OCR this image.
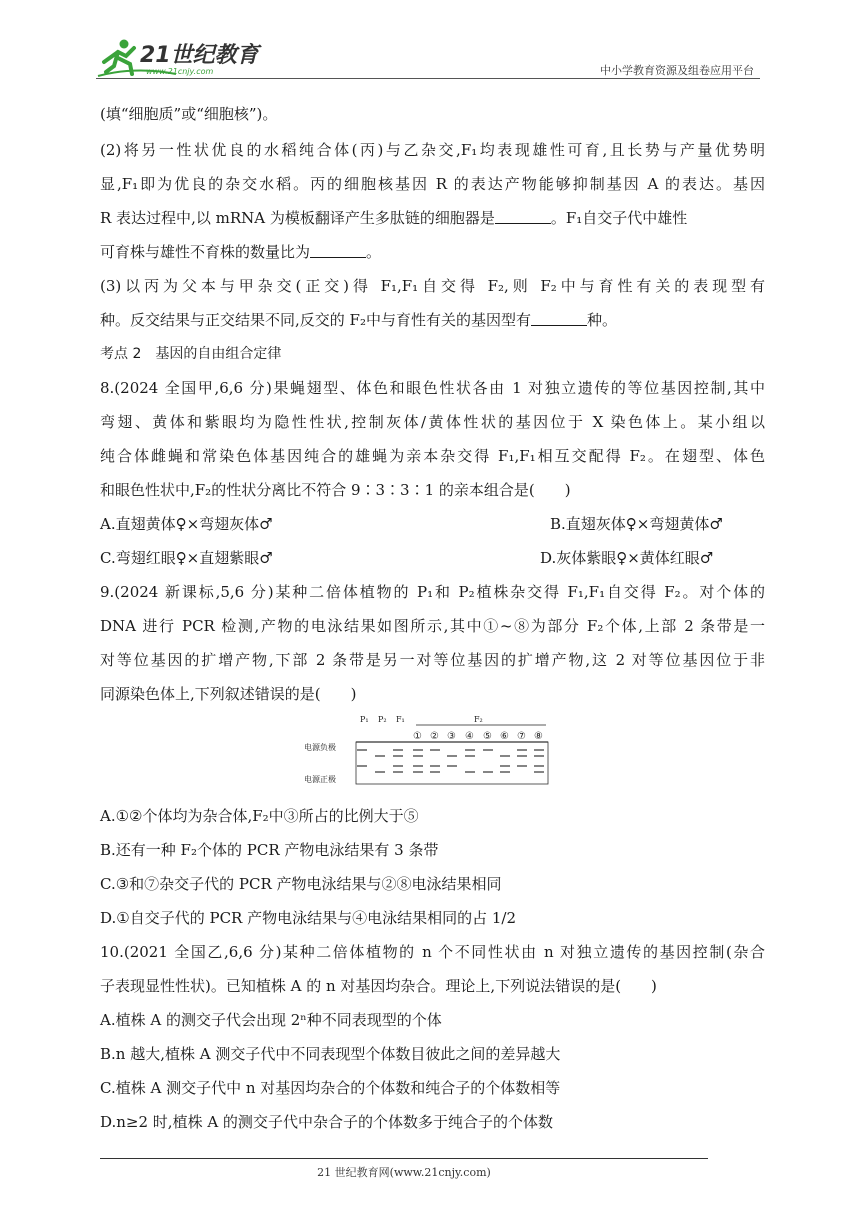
21世纪教育
www.21cnjy.com	中小学教育资源及组卷应用平台
(填“细胞质”或“细胞核”)。
(2)将另一性状优良的水稻纯合体(丙)与乙杂交,F₁均表现雄性可育,且长势与产量优势明
显,F₁即为优良的杂交水稻。丙的细胞核基因 R 的表达产物能够抑制基因 A 的表达。基因
R 表达过程中,以 mRNA 为模板翻译产生多肽链的细胞器是	。F₁自交子代中雄性
可育株与雄性不育株的数量比为	。
(3)以丙为父本与甲杂交(正交)得 F₁,F₁自交得 F₂,则 F₂中与育性有关的表现型有
种。反交结果与正交结果不同,反交的 F₂中与育性有关的基因型有	种。
考点 2　基因的自由组合定律
8.(2024 全国甲,6,6 分)果蝇翅型、体色和眼色性状各由 1 对独立遗传的等位基因控制,其中
弯翅、黄体和紫眼均为隐性性状,控制灰体/黄体性状的基因位于 X 染色体上。某小组以
纯合体雌蝇和常染色体基因纯合的雄蝇为亲本杂交得 F₁,F₁相互交配得 F₂。在翅型、体色
和眼色性状中,F₂的性状分离比不符合 9∶3∶3∶1 的亲本组合是(　　)
A.直翅黄体♀×弯翅灰体♂	B.直翅灰体♀×弯翅黄体♂
C.弯翅红眼♀×直翅紫眼♂	D.灰体紫眼♀×黄体红眼♂
9.(2024 新课标,5,6 分)某种二倍体植物的 P₁和 P₂植株杂交得 F₁,F₁自交得 F₂。对个体的
DNA 进行 PCR 检测,产物的电泳结果如图所示,其中①~⑧为部分 F₂个体,上部 2 条带是一
对等位基因的扩增产物,下部 2 条带是另一对等位基因的扩增产物,这 2 对等位基因位于非
同源染色体上,下列叙述错误的是(　　)
A.①②个体均为杂合体,F₂中③所占的比例大于⑤
B.还有一种 F₂个体的 PCR 产物电泳结果有 3 条带
C.③和⑦杂交子代的 PCR 产物电泳结果与②⑧电泳结果相同
D.①自交子代的 PCR 产物电泳结果与④电泳结果相同的占 1/2
10.(2021 全国乙,6,6 分)某种二倍体植物的 n 个不同性状由 n 对独立遗传的基因控制(杂合
子表现显性性状)。已知植株 A 的 n 对基因均杂合。理论上,下列说法错误的是(　　)
A.植株 A 的测交子代会出现 2ⁿ种不同表现型的个体
B.n 越大,植株 A 测交子代中不同表现型个体数目彼此之间的差异越大
C.植株 A 测交子代中 n 对基因均杂合的个体数和纯合子的个体数相等
D.n≥2 时,植株 A 的测交子代中杂合子的个体数多于纯合子的个体数
P₁ P₂ F₁	F₂
① ② ③ ④ ⑤ ⑥ ⑦ ⑧
电源负极
电源正极
21 世纪教育网(www.21cnjy.com)
